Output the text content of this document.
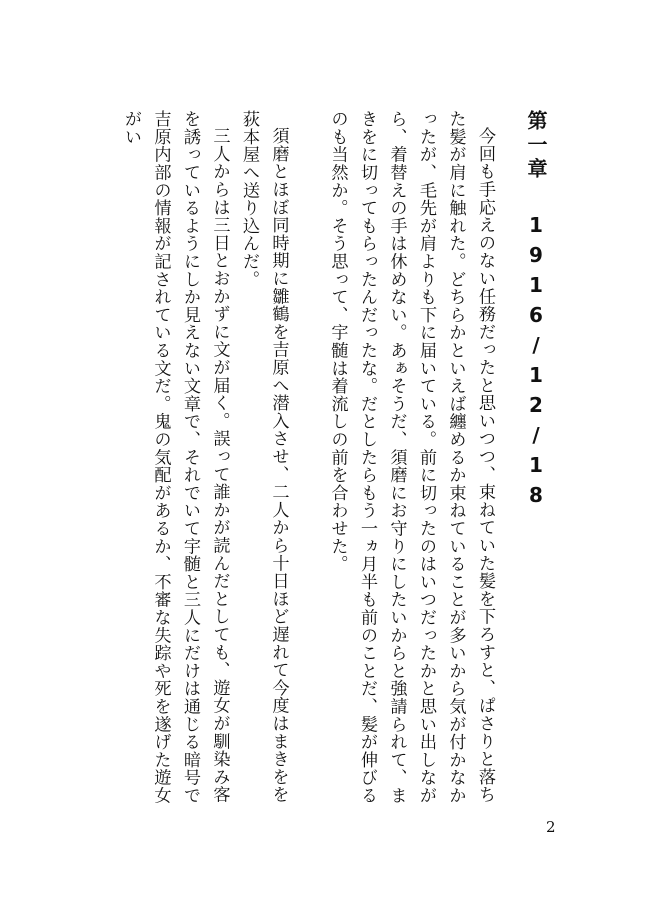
第一章 1916/12/18

今回も手応えのない任務だったと思いつつ、束ねていた髪を下ろすと、ぱさりと落ちた髪が肩に触れた。どちらかといえば纏めるか束ねていることが多いから気が付かなかったが、毛先が肩よりも下に届いている。前に切ったのはいつだったかと思い出しながら、着替えの手は休めない。あぁそうだ、須磨にお守りにしたいからと強請られて、まきをに切ってもらったんだったな。だとしたらもう一ヵ月半も前のことだ、髪が伸びるのも当然か。そう思って、宇髄は着流しの前を合わせた。

須磨とほぼ同時期に雛鶴を吉原へ潜入させ、二人から十日ほど遅れて今度はまきをを荻本屋へ送り込んだ。

三人からは三日とおかずに文が届く。誤って誰かが読んだとしても、遊女が馴染み客を誘っているようにしか見えない文章で、それでいて宇髄と三人にだけは通じる暗号で吉原内部の情報が記されている文だ。鬼の気配があるか、不審な失踪や死を遂げた遊女がい

2
